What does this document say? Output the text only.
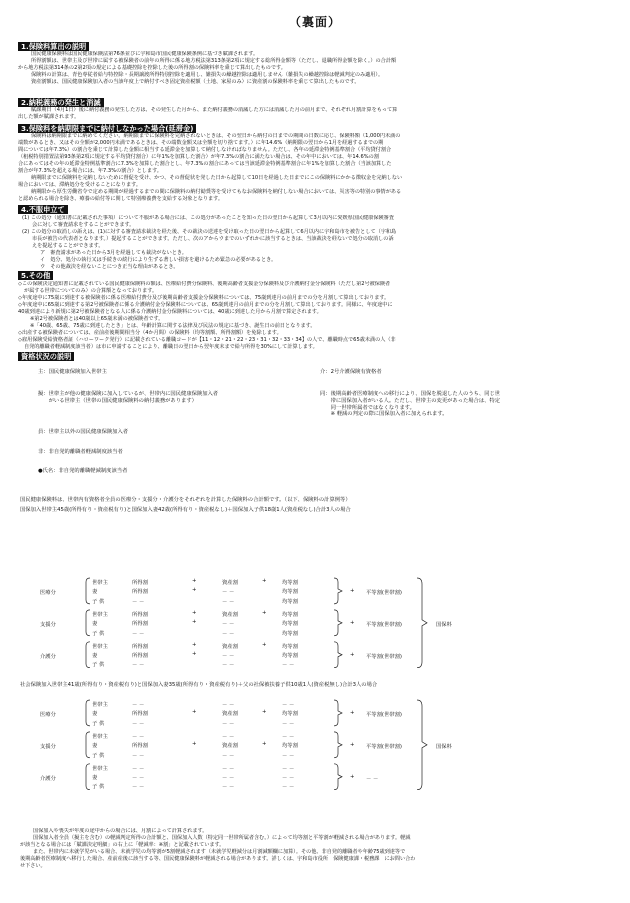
（裏面）
1.保険料算出の説明
国民健康保険料は国民健康保険法第76条並びに宇和島市国民健康保険条例に基づき賦課されます。
所得割額は、世帯主及び世帯に属する被保険者の前年の所得に係る地方税法第313条第2項に規定する総所得金額等（ただし、退職所得金額を除く。）の合計額
から地方税法第314条の2第2項の規定による基礎控除を控除した後の所得割の保険料率を乗じて算出したものです。
保険料の計算は、青色専従者給与特控除・長期譲渡所得特別控除を適用し、雑損失の繰越控除は適用しません（雑損失の繰越控除は軽減判定のみ適用）。
資産割額は、国民健康保険加入者の当該年度上で納付すべき固定資産税額（土地、家屋のみ）に資産割の保険料率を乗じて算出したものです。
2.納税義務の発生と消滅
賦課期日（4月1日）後に納付義務の発生した方は、その発生した月から、また納付義務の消滅した方には消滅した月の前月まで、それぞれ月割計算をもって算
出した額が賦課されます。
3.保険料を納期限までに納付しなかった場合(延滞金)
保険料は納期限までに納めてください。納期限までに保険料を完納されないときは、その翌日から納付の日までの期間の日数に応じ、保険料額（1,000円未満の
端数があるとき、又はその全額が2,000円未満であるときは、その端数金額又は全額を切り捨てます。）に年14.6%（納期限の翌日から1月を経過するまでの期
間については年7.3%）の割合を乗じて計算した金額に相当する延滞金を加算して納付しなければなりません。ただし、各年の延滞金特例基準割合（平均貸付割合
（租税特別措置法第93条第2項に規定する平均貸付割合）に年1%を加算した割合）が年7.3%の割合に満たない場合は、その年中においては、年14.6%の割
合にあってはその年の延滞金特例基準割合に7.3%を加算した割合とし、年7.3%の割合にあっては当該延滞金特例基準割合に年1%を加算した割合（当該加算した
割合が年7.3%を超える場合には、年7.3%の割合）とします。
納期限までに保険料を完納しないために督促を受け、かつ、その督促状を発した日から起算して10日を経過した日までにこの保険料にかかる徴収金を完納しない
場合においては、滞納処分を受けることになります。
納期限から厚生労働省令で定める期間が経過するまでの間に保険料の納付勧奨等を受けてもなお保険料を納付しない場合においては、災害等の特別の事情がある
と認められる場合を除き、療養の給付等に関して特別療養費を支給する対象となります。
4.不服申立て
(1) この処分（通知書に記載された事項）について不服がある場合には、この処分があったことを知った日の翌日から起算して3月以内に愛媛県国民健康保険審査
会に対して審査請求をすることができます。
(2) この処分の取消しの訴えは、(1)に対する審査請求裁決を経た後、その裁決の送達を受け取った日の翌日から起算して6月以内に宇和島市を被告として（宇和島
市長が被告の代表者となります。）提起することができます。ただし、次のアからウまでのいずれかに該当するときは、当該裁決を経ないで処分の取消しの訴
えを提起することができます。
ア　審査請求があった日から3月を経過しても裁決がないとき。
イ　処分、処分の執行又は手続きの続行により生ずる著しい損害を避けるため緊急の必要があるとき。
ウ　その他裁決を経ないことにつき正当な理由があるとき。
5.その他
◇この保険決定通知書に記載されている国民健康保険料の額は、医療給付費分保険料、後期高齢者支援金分保険料及び介護納付金分保険料（ただし第2号被保険者
が属する世帯についてのみ）の合算額となっております。
◇年度途中に75歳に到達する被保険者に係る医療給付費分及び後期高齢者支援金分保険料については、75歳到達月の前月までの分を月割して算出しております。
◇年度途中に65歳に到達する第2号被保険者に係る介護納付金分保険料については、65歳到達月の前月までの分を月割して算出しております。同様に、年度途中に
40歳到達により新規に第2号被保険者となる人に係る介護納付金分保険料については、40歳に到達した月から月割で算定されます。
※第2号被保険者とは40歳以上65歳未満の被保険者です。
※「40歳、65歳、75歳に到達したとき」とは、年齢計算に関する法律及び民法の規定に基づき、誕生日の前日となります。
◇出産する被保険者については、産前産後期間相当分（4か月間）の保険料（均等割額、所得割額）を免除します。
◇雇用保険受給資格者証（ハローワーク発行）に記載されている離職コードが【11・12・21・22・23・31・32・33・34】の人で、離職時点で65歳未満の人（非
自発的離職者軽減制度該当者）は市に申請することにより、離職日の翌日から翌年度末まで給与所得を30%にして計算します。
資格状況の説明
主：国民健康保険加入世帯主	介：2号介護保険有資格者
擬：世帯主が他の健康保険に加入しているが、世帯内に国民健康保険加入者
　　がいる世帯主（世帯の国民健康保険料の納付義務があります）
同：後期高齢者医療制度への移行により、国保を脱退した人のうち、同じ世
　　帯に国保加入者がいる人。ただし、世帯主の変更があった場合は、特定
　　同一世帯所属者ではなくなります。
　　※ 軽減の判定の際に国保加入者に加えられます。
員：世帯主以外の国民健康保険加入者
非：非自発的離職者軽減制度該当者
●氏名：非自発的離職軽減制度該当者
国民健康保険料は、世帯内有資格者全員の医療分・支援分・介護分をそれぞれを計算した保険料の合計額です。（以下、保険料の計算例等）
国保加入世帯主45歳(所得有り・資産税有り)と国保加入妻42歳(所得有り・資産税なし)＋国保加入子供18歳1人(資産税なし)合計3人の場合
世帯主	所得割	+	資産割	+	均等割
妻	所得割	+	－ －	均等割
子 供	－ －	－ －	均等割
医療分	+ 平等割(世帯割)
世帯主	所得割	+	資産割	+	均等割
妻	所得割	+	－ －	均等割
子 供	－ －	－ －	均等割
支援分	+ 平等割(世帯割)
世帯主	所得割	+	資産割	+	均等割
妻	所得割	+	－ －	均等割
子 供	－ －	－ －	－ －
介護分	+ 平等割(世帯割)
国保料
社会保険加入世帯主41歳(所得有り・資産税有り)と国保加入妻35歳(所得有り・資産税有り)＋父の社保被扶養子供10歳1人(資産税無し)合計3人の場合
世帯主	－ －	－ －	－ －
妻	所得割	+	資産割	+	均等割
子 供	－ －	－ －	－ －
医療分	+ 平等割(世帯割)
世帯主	－ －	－ －	－ －
妻	所得割	+	資産割	+	均等割
子 供	－ －	－ －	－ －
支援分	+ 平等割(世帯割)
世帯主	－ －	－ －	－ －
妻	－ －	－ －	－ －
子 供	－ －	－ －	－ －
介護分	+ － －
国保料
国保加入や喪失が年度の途中からの場合には、月割によって計算されます。
国保加入者全員（擬主を含む）の軽減判定所得の合計額と、国保加入人数（特定同一世帯所属者含む。）によって均等割と平等割が軽減される場合があります。軽減
が該当となる場合には「賦課決定明細」の右上に「軽減率：※割」と記載されています。
また、世帯内に未就学児がいる場合、未就学児の均等割が5割軽減されます（未就学児軽減分は月割減額欄に加算）。その他、非自発的離職者や年齢75歳到達等で
後期高齢者医療制度へ移行した場合、産前産後に該当する等、国民健康保険料が軽減される場合があります。詳しくは、宇和島市役所　保険健康課・税務課　にお問い合わ
せ下さい。
